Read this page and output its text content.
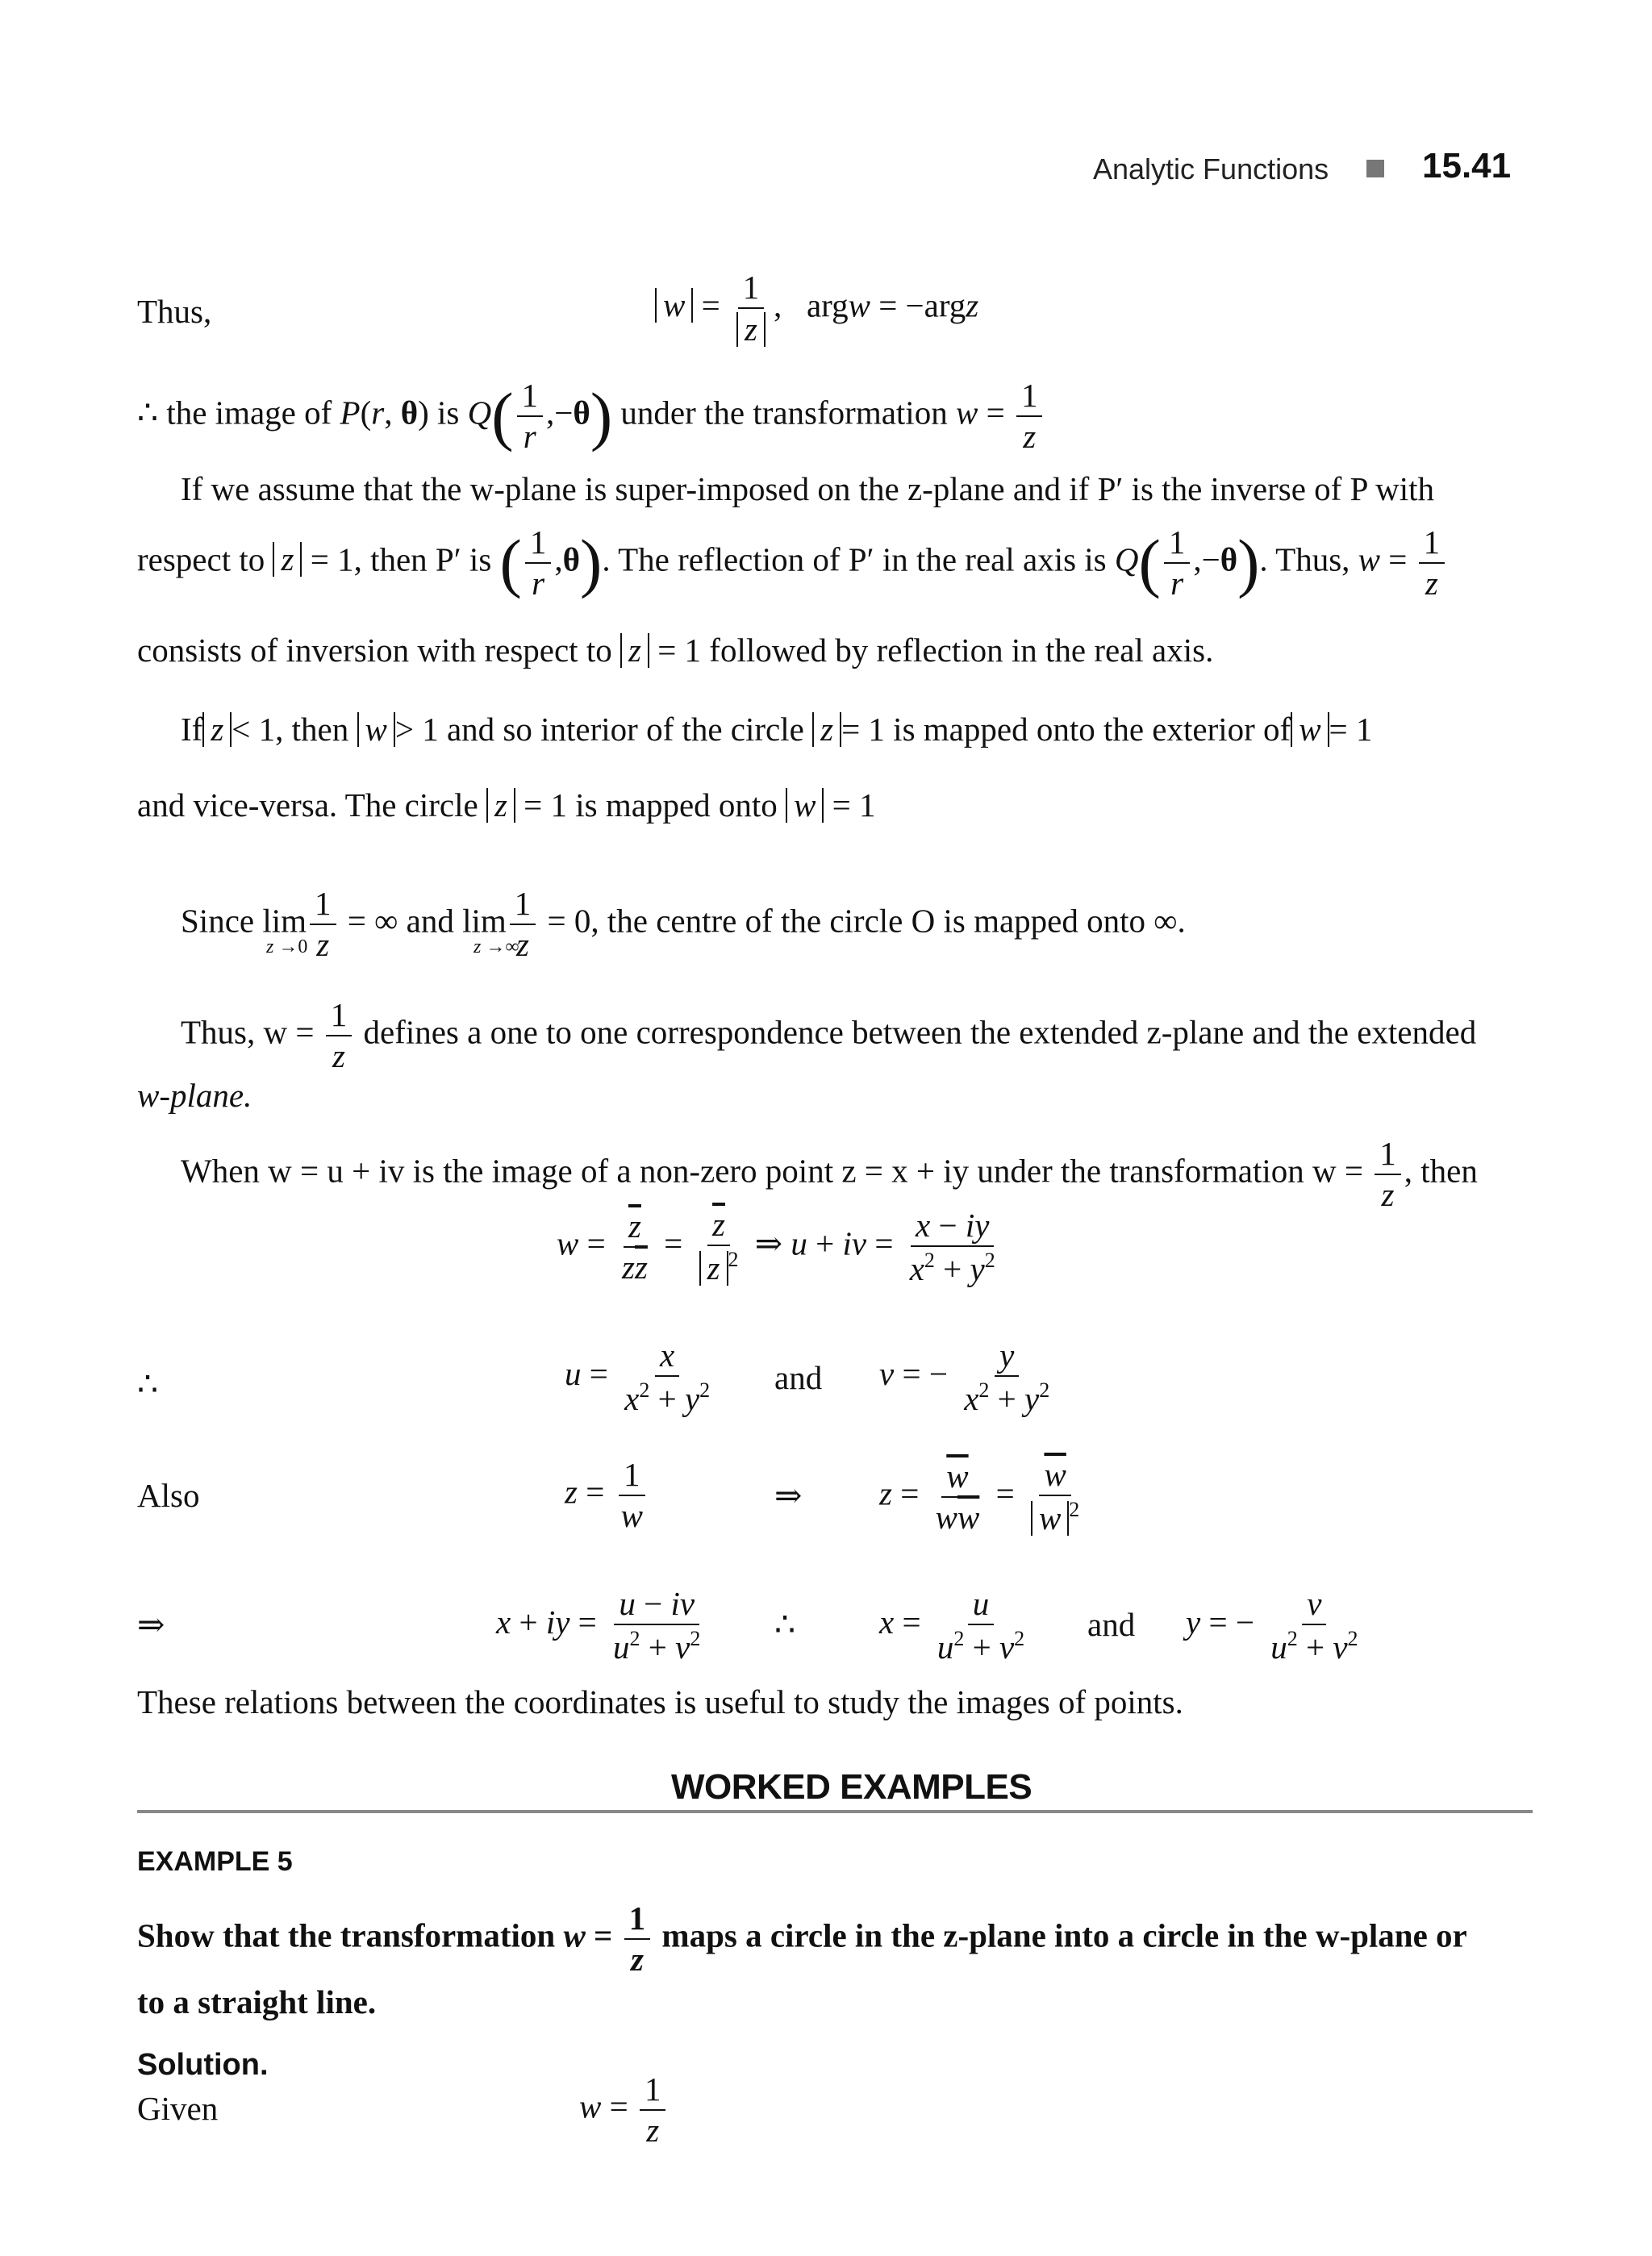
Analytic Functions	15.41
Thus,	$w = \frac{1}{z}$ ,   argw = −argz
∴ the image of P(r, θ) is $Q( \frac{1}{r} ,-\theta)$ under the transformation $w = \frac{1}{z}$
If we assume that the w-plane is super-imposed on the z-plane and if P′ is the inverse of P with
respect to z = 1, then P′ is ( $\frac{1}{r} ,\theta$). The reflection of P′ in the real axis is $Q( \frac{1}{r} ,-\theta)$. Thus, $w = \frac{1}{z}$
consists of inversion with respect to z = 1 followed by reflection in the real axis.
If z < 1, then w > 1 and so interior of the circle z = 1 is mapped onto the exterior of w = 1
and vice-versa. The circle z = 1 is mapped onto w = 1
Since $\lim \frac{1}{z}$ = ∞ and $\lim \frac{1}{z} = 0$, the centre of the circle O is mapped onto ∞.
z →0	z →∞
Thus, $w = \frac{1}{z}$ defines a one to one correspondence between the extended z-plane and the extended
w-plane.
When w = u + iv is the image of a non-zero point z = x + iy under the transformation $w = \frac{1}{z}$ , then
$w = \frac{\overline{z}}{z\overline{z}} = \frac{\overline{z}}{z ^2}$ ⇒ u + iv = $\frac{x - iy}{x^2 + y^2}$
∴	$u = \frac{x}{x^2 + y^2}$ and v = − $\frac{y}{x^2 + y^2}$
Also	$z = \frac{1}{w}$	⇒ $z = \frac{\overline{w}}{w\overline{w}} = \frac{\overline{w}}{w ^2}$
⇒	x + iy = $\frac{u - iv}{u^2 + v^2}$ ∴	$x = \frac{u}{u^2 + v^2}$ and y = − $\frac{v}{u^2 + v^2}$
These relations between the coordinates is useful to study the images of points.
WORKED EXAMPLES
EXAMPLE 5
Show that the transformation $w = \frac{1}{z}$ maps a circle in the z-plane into a circle in the w-plane or
to a straight line.
Solution.
Given	$w = \frac{1}{z}$
